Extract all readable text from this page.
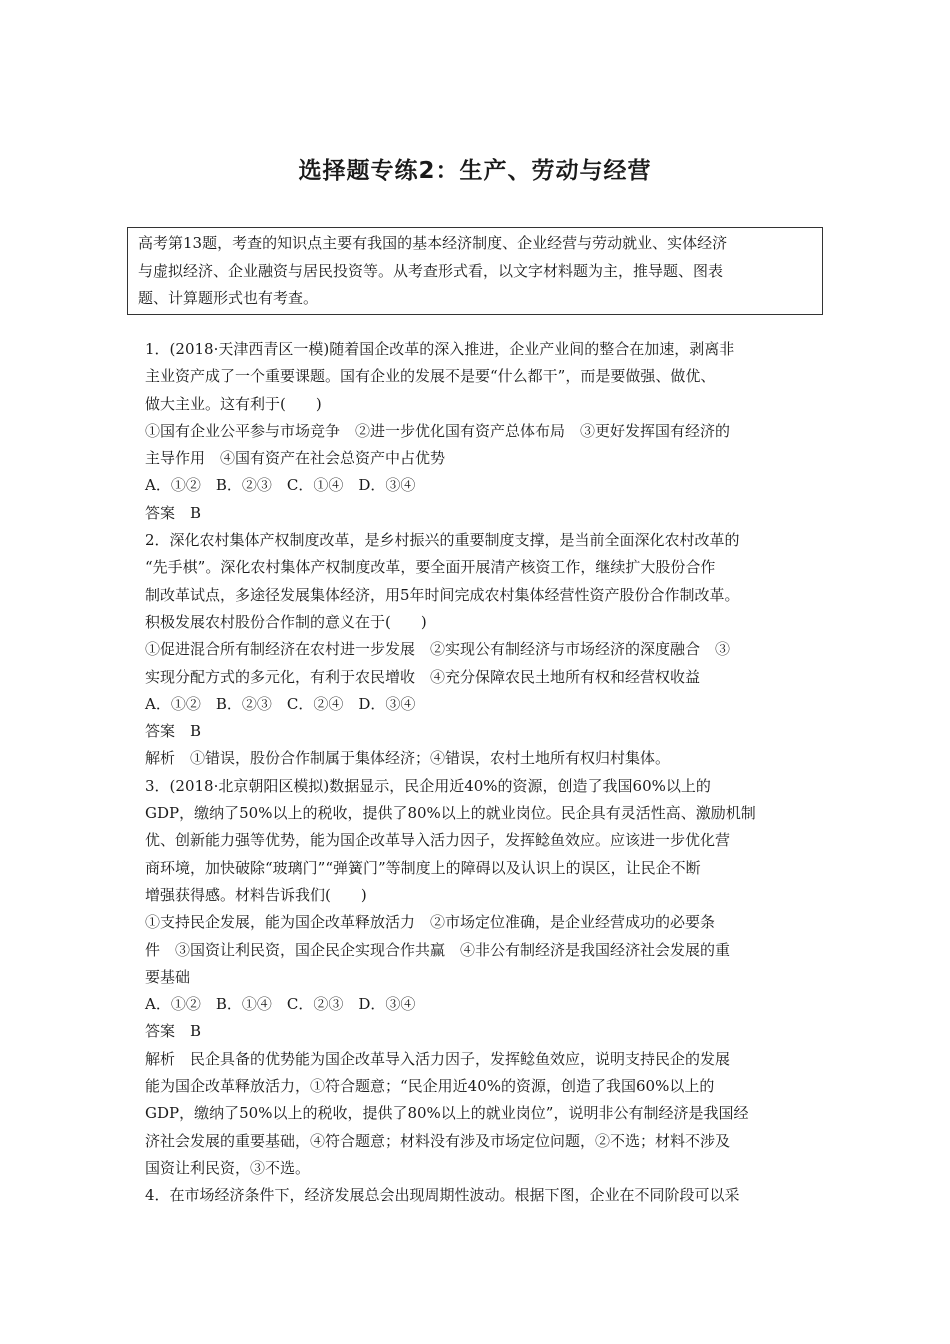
选择题专练2：生产、劳动与经营

高考第13题，考查的知识点主要有我国的基本经济制度、企业经营与劳动就业、实体经济

与虚拟经济、企业融资与居民投资等。从考查形式看，以文字材料题为主，推导题、图表

题、计算题形式也有考查。

1．(2018·天津西青区一模)随着国企改革的深入推进，企业产业间的整合在加速，剥离非

主业资产成了一个重要课题。国有企业的发展不是要“什么都干”，而是要做强、做优、

做大主业。这有利于(　　)

①国有企业公平参与市场竞争　②进一步优化国有资产总体布局　③更好发挥国有经济的

主导作用　④国有资产在社会总资产中占优势

A．①②　B．②③　C．①④　D．③④

答案　B

2．深化农村集体产权制度改革，是乡村振兴的重要制度支撑，是当前全面深化农村改革的

“先手棋”。深化农村集体产权制度改革，要全面开展清产核资工作，继续扩大股份合作

制改革试点，多途径发展集体经济，用5年时间完成农村集体经营性资产股份合作制改革。

积极发展农村股份合作制的意义在于(　　)

①促进混合所有制经济在农村进一步发展　②实现公有制经济与市场经济的深度融合　③

实现分配方式的多元化，有利于农民增收　④充分保障农民土地所有权和经营权收益

A．①②　B．②③　C．②④　D．③④

答案　B

解析　①错误，股份合作制属于集体经济；④错误，农村土地所有权归村集体。

3．(2018·北京朝阳区模拟)数据显示，民企用近40%的资源，创造了我国60%以上的

GDP，缴纳了50%以上的税收，提供了80%以上的就业岗位。民企具有灵活性高、激励机制

优、创新能力强等优势，能为国企改革导入活力因子，发挥鲶鱼效应。应该进一步优化营

商环境，加快破除“玻璃门”“弹簧门”等制度上的障碍以及认识上的误区，让民企不断

增强获得感。材料告诉我们(　　)

①支持民企发展，能为国企改革释放活力　②市场定位准确，是企业经营成功的必要条

件　③国资让利民资，国企民企实现合作共赢　④非公有制经济是我国经济社会发展的重

要基础

A．①②　B．①④　C．②③　D．③④

答案　B

解析　民企具备的优势能为国企改革导入活力因子，发挥鲶鱼效应，说明支持民企的发展

能为国企改革释放活力，①符合题意；“民企用近40%的资源，创造了我国60%以上的

GDP，缴纳了50%以上的税收，提供了80%以上的就业岗位”，说明非公有制经济是我国经

济社会发展的重要基础，④符合题意；材料没有涉及市场定位问题，②不选；材料不涉及

国资让利民资，③不选。

4．在市场经济条件下，经济发展总会出现周期性波动。根据下图，企业在不同阶段可以采
